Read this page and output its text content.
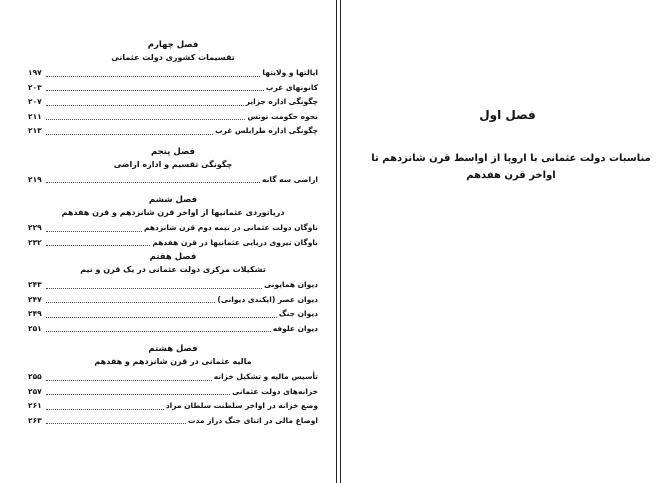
فصل چهارم
تقسیمات کشوری دولت عثمانی
ایالتها و ولایتها
۱۹۷
کانونهای غرب
۲۰۳
چگونگی اداره جزایر
۲۰۷
نحوه حکومت تونس
۲۱۱
چگونگی اداره طرابلس غرب
۲۱۳
فصل پنجم
چگونگی تقسیم و اداره اراضی
اراضی سه گانه
۲۱۹
فصل ششم
دریانوردی عثمانیها از اواخر قرن شانزدهم و قرن هفدهم
ناوگان دولت عثمانی در نیمه دوم قرن شانزدهم
۲۲۹
ناوگان نیروی دریایی عثمانیها در قرن هفدهم
۲۳۲
فصل هفتم
تشکیلات مرکزی دولت عثمانی در یک قرن و نیم
دیوان همایونی
۲۴۳
دیوان عصر (ایکندی دیوانی)
۲۴۷
دیوان جنگ
۲۴۹
دیوان علوفه
۲۵۱
فصل هشتم
مالیه عثمانی در قرن شانزدهم و هفدهم
تأسیس مالیه و تشکیل خزانه
۲۵۵
خزانه‌های دولت عثمانی
۲۵۷
وضع خزانه در اواخر سلطنت سلطان مراد
۲۶۱
اوضاع مالی در اثنای جنگ دراز مدت
۲۶۳
فصل اول
مناسبات دولت عثمانی با اروپا از اواسط قرن شانزدهم تا
اواخر قرن هفدهم
